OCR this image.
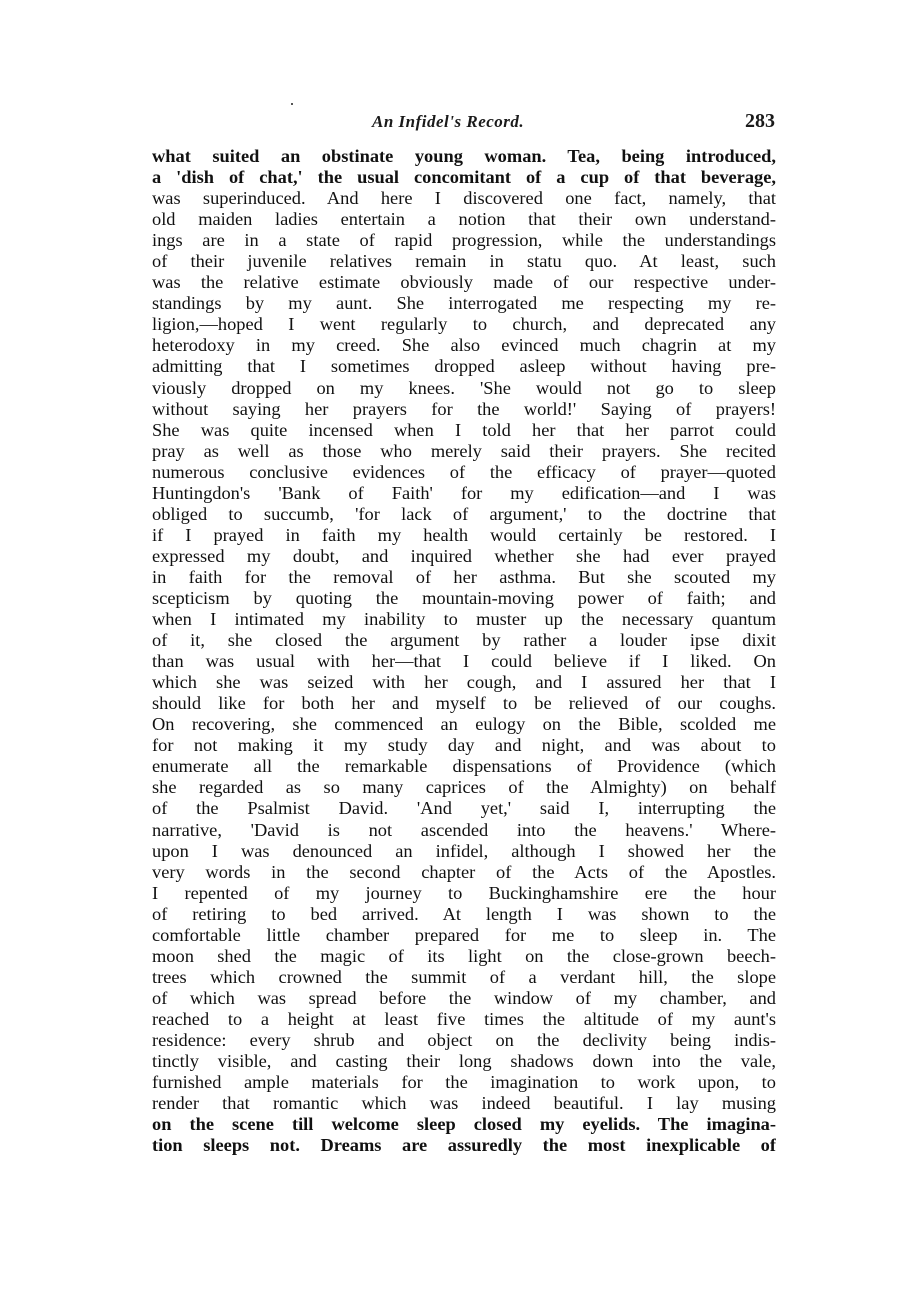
An Infidel's Record.	283
what suited an obstinate young woman. Tea, being introduced,
a 'dish of chat,' the usual concomitant of a cup of that beverage,
was superinduced. And here I discovered one fact, namely, that
old maiden ladies entertain a notion that their own understand-
ings are in a state of rapid progression, while the understandings
of their juvenile relatives remain in statu quo. At least, such
was the relative estimate obviously made of our respective under-
standings by my aunt. She interrogated me respecting my re-
ligion,—hoped I went regularly to church, and deprecated any
heterodoxy in my creed. She also evinced much chagrin at my
admitting that I sometimes dropped asleep without having pre-
viously dropped on my knees. 'She would not go to sleep
without saying her prayers for the world!' Saying of prayers!
She was quite incensed when I told her that her parrot could
pray as well as those who merely said their prayers. She recited
numerous conclusive evidences of the efficacy of prayer—quoted
Huntingdon's 'Bank of Faith' for my edification—and I was
obliged to succumb, 'for lack of argument,' to the doctrine that
if I prayed in faith my health would certainly be restored. I
expressed my doubt, and inquired whether she had ever prayed
in faith for the removal of her asthma. But she scouted my
scepticism by quoting the mountain-moving power of faith; and
when I intimated my inability to muster up the necessary quantum
of it, she closed the argument by rather a louder ipse dixit
than was usual with her—that I could believe if I liked. On
which she was seized with her cough, and I assured her that I
should like for both her and myself to be relieved of our coughs.
On recovering, she commenced an eulogy on the Bible, scolded me
for not making it my study day and night, and was about to
enumerate all the remarkable dispensations of Providence (which
she regarded as so many caprices of the Almighty) on behalf
of the Psalmist David. 'And yet,' said I, interrupting the
narrative, 'David is not ascended into the heavens.' Where-
upon I was denounced an infidel, although I showed her the
very words in the second chapter of the Acts of the Apostles.
I repented of my journey to Buckinghamshire ere the hour
of retiring to bed arrived. At length I was shown to the
comfortable little chamber prepared for me to sleep in. The
moon shed the magic of its light on the close-grown beech-
trees which crowned the summit of a verdant hill, the slope
of which was spread before the window of my chamber, and
reached to a height at least five times the altitude of my aunt's
residence: every shrub and object on the declivity being indis-
tinctly visible, and casting their long shadows down into the vale,
furnished ample materials for the imagination to work upon, to
render that romantic which was indeed beautiful. I lay musing
on the scene till welcome sleep closed my eyelids. The imagina-
tion sleeps not. Dreams are assuredly the most inexplicable of
